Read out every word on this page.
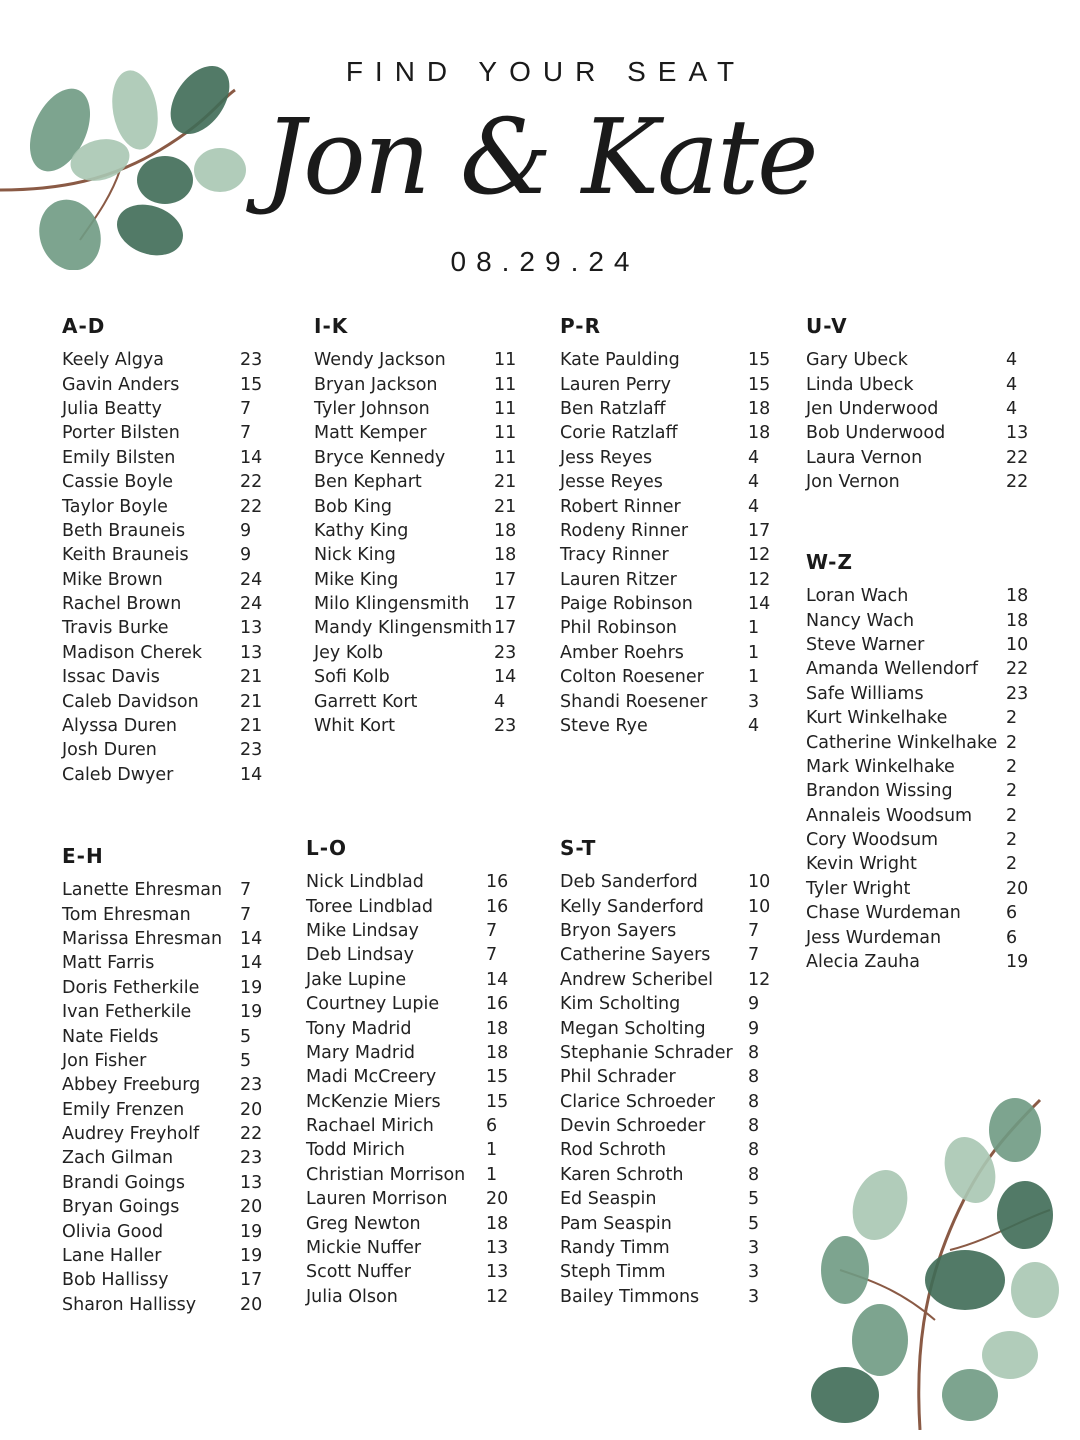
FIND YOUR SEAT
Jon & Kate
08.29.24
A-D
Keely Algya	23
Gavin Anders	15
Julia Beatty	7
Porter Bilsten	7
Emily Bilsten	14
Cassie Boyle	22
Taylor Boyle	22
Beth Brauneis	9
Keith Brauneis	9
Mike Brown	24
Rachel Brown	24
Travis Burke	13
Madison Cherek 13
Issac Davis	21
Caleb Davidson 21
Alyssa Duren	21
Josh Duren	23
Caleb Dwyer	14
E-H
Lanette Ehresman 7
Tom Ehresman	7
Marissa Ehresman 14
Matt Farris	14
Doris Fetherkile 19
Ivan Fetherkile	19
Nate Fields	5
Jon Fisher	5
Abbey Freeburg 23
Emily Frenzen	20
Audrey Freyholf 22
Zach Gilman	23
Brandi Goings	13
Bryan Goings	20
Olivia Good	19
Lane Haller	19
Bob Hallissy	17
Sharon Hallissy	20
I-K
Wendy Jackson	11
Bryan Jackson	11
Tyler Johnson	11
Matt Kemper	11
Bryce Kennedy	11
Ben Kephart	21
Bob King	21
Kathy King	18
Nick King	18
Mike King	17
Milo Klingensmith 17
Mandy Klingensmith 17
Jey Kolb	23
Sofi Kolb	14
Garrett Kort	4
Whit Kort	23
L-O
Nick Lindblad	16
Toree Lindblad	16
Mike Lindsay	7
Deb Lindsay	7
Jake Lupine	14
Courtney Lupie	16
Tony Madrid	18
Mary Madrid	18
Madi McCreery	15
McKenzie Miers	15
Rachael Mirich	6
Todd Mirich	1
Christian Morrison 1
Lauren Morrison 20
Greg Newton	18
Mickie Nuffer	13
Scott Nuffer	13
Julia Olson	12
P-R
Kate Paulding	15
Lauren Perry	15
Ben Ratzlaff	18
Corie Ratzlaff	18
Jess Reyes	4
Jesse Reyes	4
Robert Rinner	4
Rodeny Rinner	17
Tracy Rinner	12
Lauren Ritzer	12
Paige Robinson	14
Phil Robinson	1
Amber Roehrs	1
Colton Roesener	1
Shandi Roesener 3
Steve Rye	4
S-T
Deb Sanderford	10
Kelly Sanderford	10
Bryon Sayers	7
Catherine Sayers 7
Andrew Scheribel 12
Kim Scholting	9
Megan Scholting 9
Stephanie Schrader 8
Phil Schrader	8
Clarice Schroeder 8
Devin Schroeder 8
Rod Schroth	8
Karen Schroth	8
Ed Seaspin	5
Pam Seaspin	5
Randy Timm	3
Steph Timm	3
Bailey Timmons	3
U-V
Gary Ubeck	4
Linda Ubeck	4
Jen Underwood	4
Bob Underwood	13
Laura Vernon	22
Jon Vernon	22
W-Z
Loran Wach	18
Nancy Wach	18
Steve Warner	10
Amanda Wellendorf 22
Safe Williams	23
Kurt Winkelhake	2
Catherine Winkelhake 2
Mark Winkelhake	2
Brandon Wissing	2
Annaleis Woodsum 2
Cory Woodsum	2
Kevin Wright	2
Tyler Wright	20
Chase Wurdeman	6
Jess Wurdeman	6
Alecia Zauha	19
